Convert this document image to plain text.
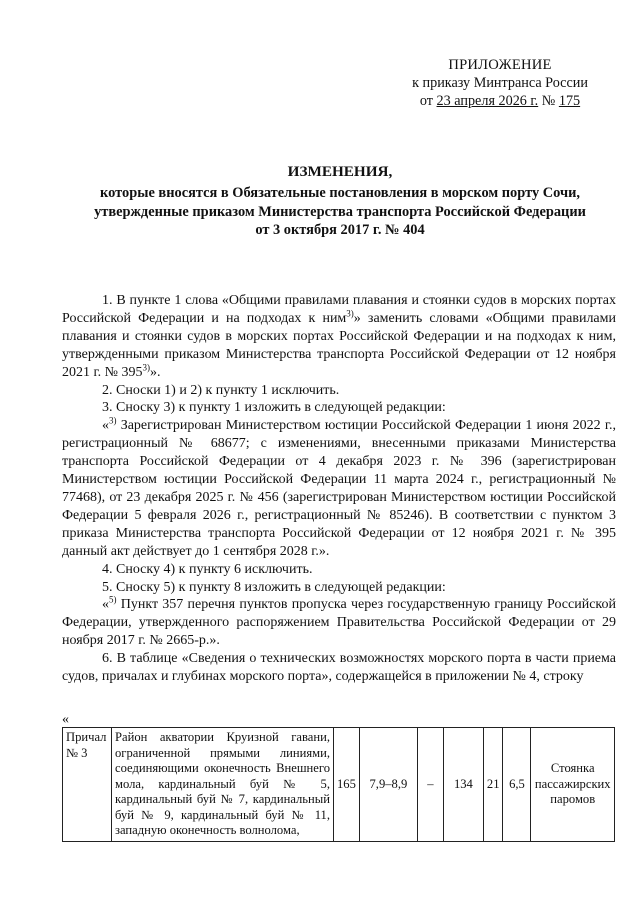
ПРИЛОЖЕНИЕ
к приказу Минтранса России
от 23 апреля 2026 г. № 175
ИЗМЕНЕНИЯ,
которые вносятся в Обязательные постановления в морском порту Сочи,
утвержденные приказом Министерства транспорта Российской Федерации
от 3 октября 2017 г. № 404

1. В пункте 1 слова «Общими правилами плавания и стоянки судов в морских портах Российской Федерации и на подходах к ним$^{3)}$» заменить словами «Общими правилами плавания и стоянки судов в морских портах Российской Федерации и на подходах к ним, утвержденными приказом Министерства транспорта Российской Федерации от 12 ноября 2021 г. № 395$^{3)}$».

2. Сноски 1) и 2) к пункту 1 исключить.

3. Сноску 3) к пункту 1 изложить в следующей редакции:

«$^{3)}$ Зарегистрирован Министерством юстиции Российской Федерации 1 июня 2022 г., регистрационный № 68677; с изменениями, внесенными приказами Министерства транспорта Российской Федерации от 4 декабря 2023 г. № 396 (зарегистрирован Министерством юстиции Российской Федерации 11 марта 2024 г., регистрационный № 77468), от 23 декабря 2025 г. № 456 (зарегистрирован Министерством юстиции Российской Федерации 5 февраля 2026 г., регистрационный № 85246). В соответствии с пунктом 3 приказа Министерства транспорта Российской Федерации от 12 ноября 2021 г. № 395 данный акт действует до 1 сентября 2028 г.».

4. Сноску 4) к пункту 6 исключить.

5. Сноску 5) к пункту 8 изложить в следующей редакции:

«$^{5)}$ Пункт 357 перечня пунктов пропуска через государственную границу Российской Федерации, утвержденного распоряжением Правительства Российской Федерации от 29 ноября 2017 г. № 2665-р.».

6. В таблице «Сведения о технических возможностях морского порта в части приема судов, причалах и глубинах морского порта», содержащейся в приложении № 4, строку

«
Причал № 3	Район акватории Круизной гавани, ограниченной прямыми линиями, соединяющими оконечность Внешнего мола, кардинальный буй № 5, кардинальный буй № 7, кардинальный буй № 9, кардинальный буй № 11, западную оконечность волнолома,	165	7,9–8,9	–	134	21	6,5	Стоянка пассажирских паромов
